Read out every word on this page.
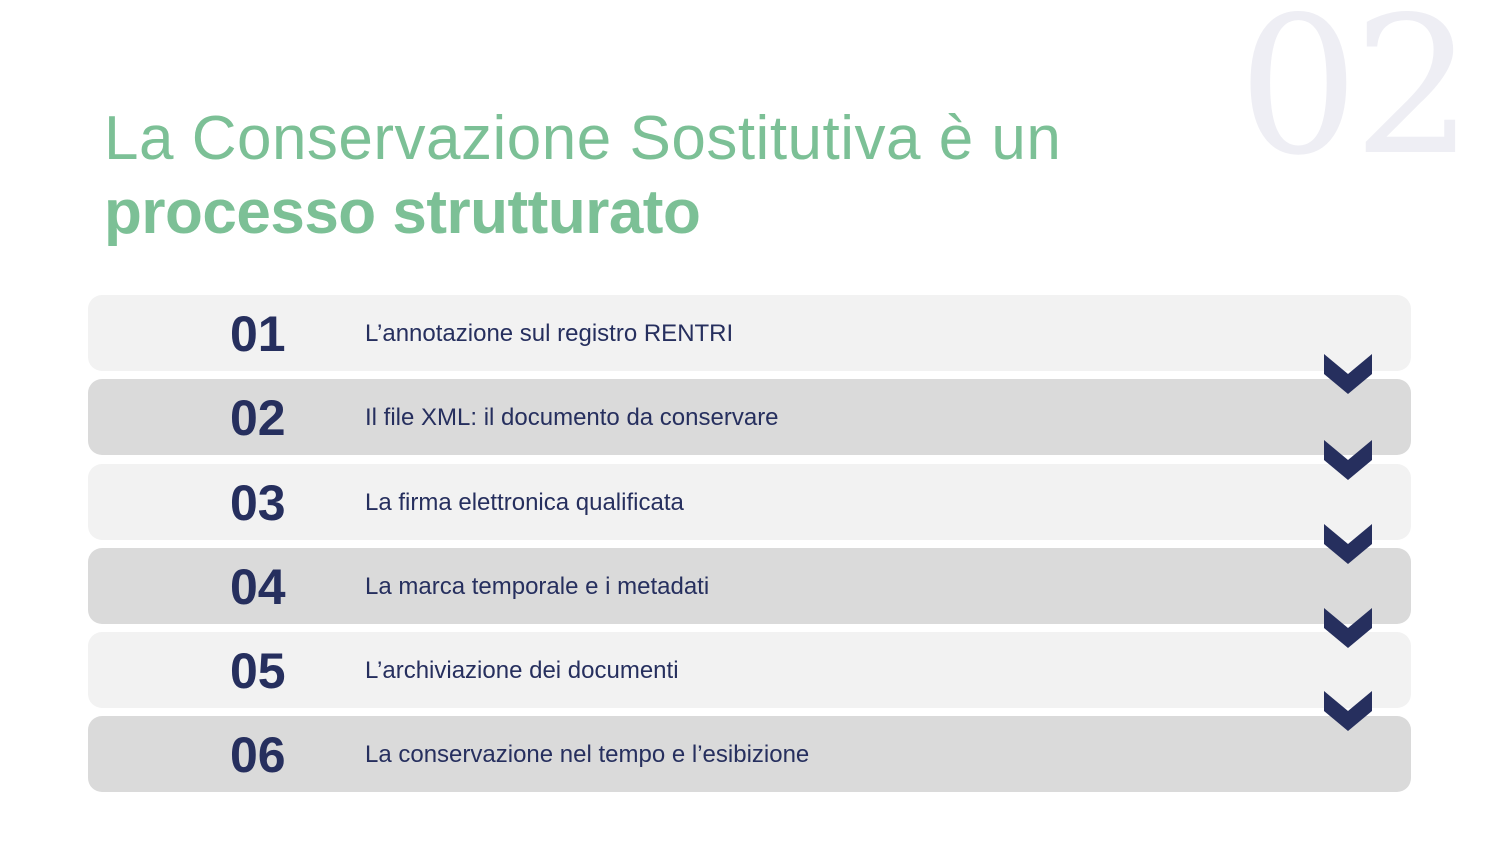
02
La Conservazione Sostitutiva è un
processo strutturato
01	L’annotazione sul registro RENTRI
02	Il file XML: il documento da conservare
03	La firma elettronica qualificata
04	La marca temporale e i metadati
05	L’archiviazione dei documenti
06	La conservazione nel tempo e l’esibizione
